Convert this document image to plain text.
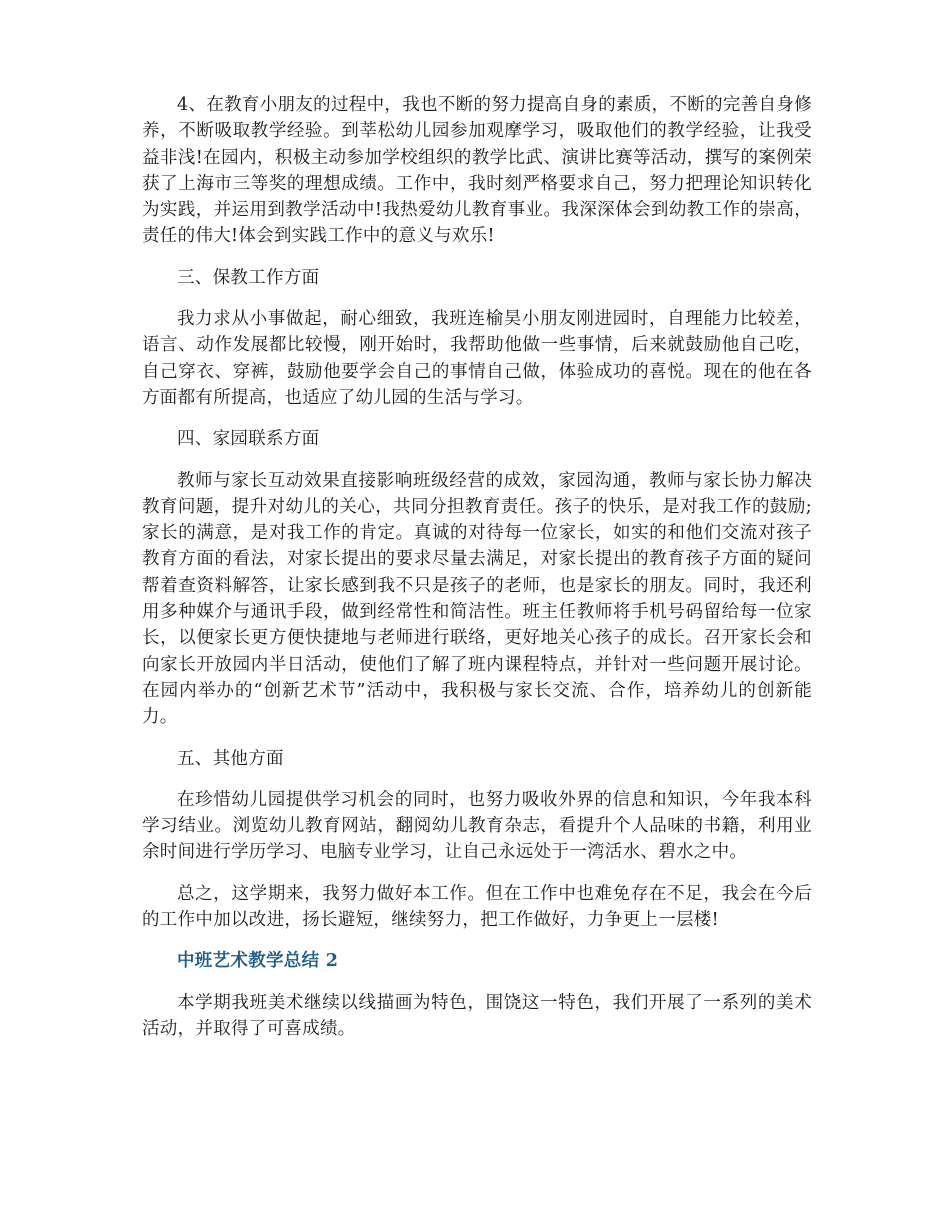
4、在教育小朋友的过程中，我也不断的努力提高自身的素质，不断的完善自身修养，不断吸取教学经验。到莘松幼儿园参加观摩学习，吸取他们的教学经验，让我受益非浅!在园内，积极主动参加学校组织的教学比武、演讲比赛等活动，撰写的案例荣获了上海市三等奖的理想成绩。工作中，我时刻严格要求自己，努力把理论知识转化为实践，并运用到教学活动中!我热爱幼儿教育事业。我深深体会到幼教工作的崇高，责任的伟大!体会到实践工作中的意义与欢乐!

三、保教工作方面

我力求从小事做起，耐心细致，我班连榆昊小朋友刚进园时，自理能力比较差，语言、动作发展都比较慢，刚开始时，我帮助他做一些事情，后来就鼓励他自己吃，自己穿衣、穿裤，鼓励他要学会自己的事情自己做，体验成功的喜悦。现在的他在各方面都有所提高，也适应了幼儿园的生活与学习。

四、家园联系方面

教师与家长互动效果直接影响班级经营的成效，家园沟通，教师与家长协力解决教育问题，提升对幼儿的关心，共同分担教育责任。孩子的快乐，是对我工作的鼓励;家长的满意，是对我工作的肯定。真诚的对待每一位家长，如实的和他们交流对孩子教育方面的看法，对家长提出的要求尽量去满足，对家长提出的教育孩子方面的疑问帮着查资料解答，让家长感到我不只是孩子的老师，也是家长的朋友。同时，我还利用多种媒介与通讯手段，做到经常性和简洁性。班主任教师将手机号码留给每一位家长，以便家长更方便快捷地与老师进行联络，更好地关心孩子的成长。召开家长会和向家长开放园内半日活动，使他们了解了班内课程特点，并针对一些问题开展讨论。在园内举办的“创新艺术节”活动中，我积极与家长交流、合作，培养幼儿的创新能力。

五、其他方面

在珍惜幼儿园提供学习机会的同时，也努力吸收外界的信息和知识，今年我本科学习结业。浏览幼儿教育网站，翻阅幼儿教育杂志，看提升个人品味的书籍，利用业余时间进行学历学习、电脑专业学习，让自己永远处于一湾活水、碧水之中。

总之，这学期来，我努力做好本工作。但在工作中也难免存在不足，我会在今后的工作中加以改进，扬长避短，继续努力，把工作做好，力争更上一层楼!

中班艺术教学总结 2

本学期我班美术继续以线描画为特色，围饶这一特色，我们开展了一系列的美术活动，并取得了可喜成绩。
